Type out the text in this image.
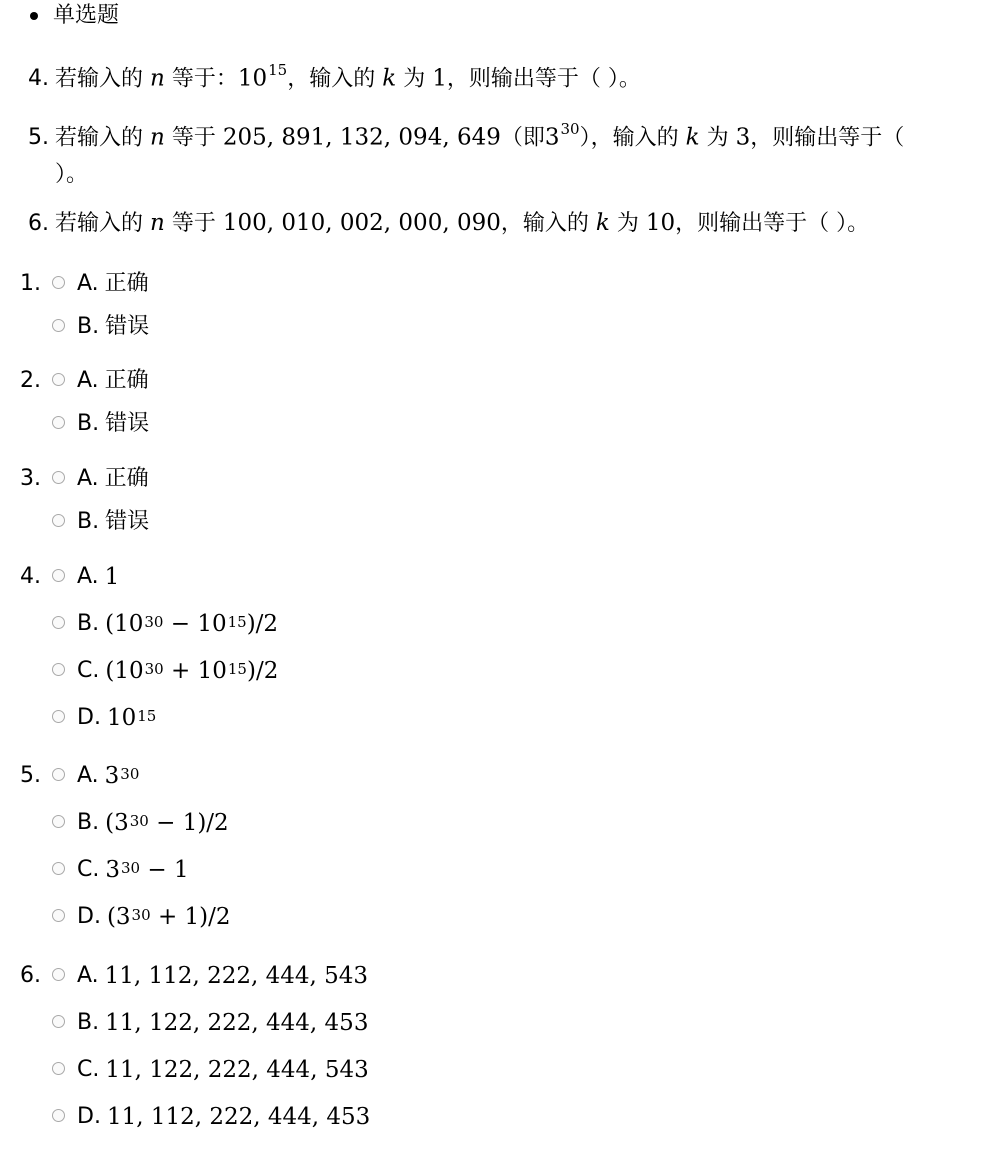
单选题
4. 若输入的 n 等于：$10^{15}$，输入的 k 为 1，则输出等于（ ）。
5. 若输入的 n 等于 205, 891, 132, 094, 649（即$3^{30}$），输入的 k 为 3，则输出等于（
）。
6. 若输入的 n 等于 100, 010, 002, 000, 090，输入的 k 为 10，则输出等于（ ）。
1. A. 正确
B. 错误
2. A. 正确
B. 错误
3. A. 正确
B. 错误
4. A. 1
B. ($10^{30} - 10^{15}$ )/2
C. ($10^{30} + 10^{15}$ )/2
D. $10^{15}$
5. A. $3^{30}$
B. $(3^{30} - 1)/2$
C. $3^{30} - 1$
D. $(3^{30} + 1)/2$
6. A. 11, 112, 222, 444, 543
B. 11, 122, 222, 444, 453
C. 11, 122, 222, 444, 543
D. 11, 112, 222, 444, 453
